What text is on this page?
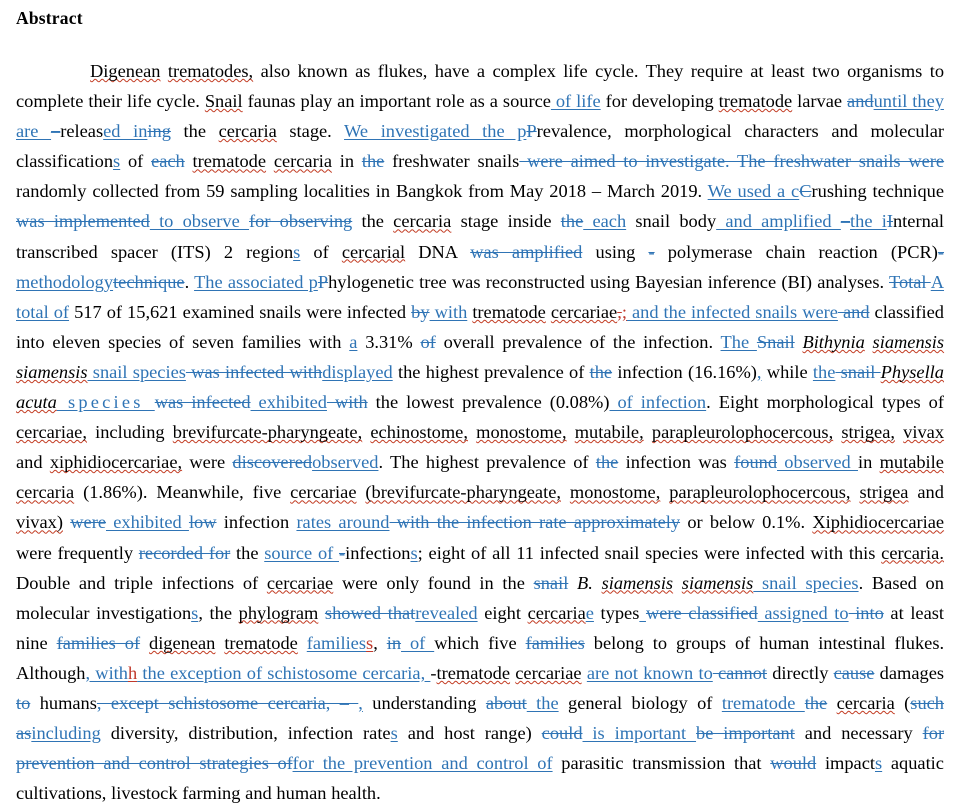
Abstract

Digenean trematodes, also known as flukes, have a complex life cycle. They require at least two organisms to complete their life cycle. Snail faunas play an important role as a source of life for developing trematode larvae anduntil they are –released ining the cercaria stage. We investigated the pPrevalence, morphological characters and molecular classifications of each trematode cercaria in the freshwater snails were aimed to investigate. The freshwater snails were randomly collected from 59 sampling localities in Bangkok from May 2018 – March 2019. We used a cCrushing technique was implemented to observe for observing the cercaria stage inside the each snail body and amplified –the iInternal transcribed spacer (ITS) 2 regions of cercarial DNA was amplified using - polymerase chain reaction (PCR)- methodologytechnique. The associated pPhylogenetic tree was reconstructed using Bayesian inference (BI) analyses. Total A total of 517 of 15,621 examined snails were infected by with trematode cercariae,; and the infected snails were and classified into eleven species of seven families with a 3.31% of overall prevalence of the infection. The Snail Bithynia siamensis siamensis snail species was infected withdisplayed the highest prevalence of the infection (16.16%), while the snail Physella acuta species was infected exhibited with the lowest prevalence (0.08%) of infection. Eight morphological types of cercariae, including brevifurcate-pharyngeate, echinostome, monostome, mutabile, parapleurolophocercous, strigea, vivax and xiphidiocercariae, were discoveredobserved. The highest prevalence of the infection was found observed in mutabile cercaria (1.86%). Meanwhile, five cercariae (brevifurcate-pharyngeate, monostome, parapleurolophocercous, strigea and vivax) were exhibited low infection rates around with the infection rate approximately or below 0.1%. Xiphidiocercariae were frequently recorded for the source of -infections; eight of all 11 infected snail species were infected with this cercaria. Double and triple infections of cercariae were only found in the snail B. siamensis siamensis snail species. Based on molecular investigations, the phylogram showed thatrevealed eight cercariae types were classified assigned to into at least nine families of digenean trematode familiess, in of which five families belong to groups of human intestinal flukes. Although, withh the exception of schistosome cercaria, -trematode cercariae are not known to cannot directly cause damages to humans, except schistosome cercaria, – , understanding about the general biology of trematode the cercaria (such asincluding diversity, distribution, infection rates and host range) could is important be important and necessary for prevention and control strategies offor the prevention and control of parasitic transmission that would impacts aquatic cultivations, livestock farming and human health.
